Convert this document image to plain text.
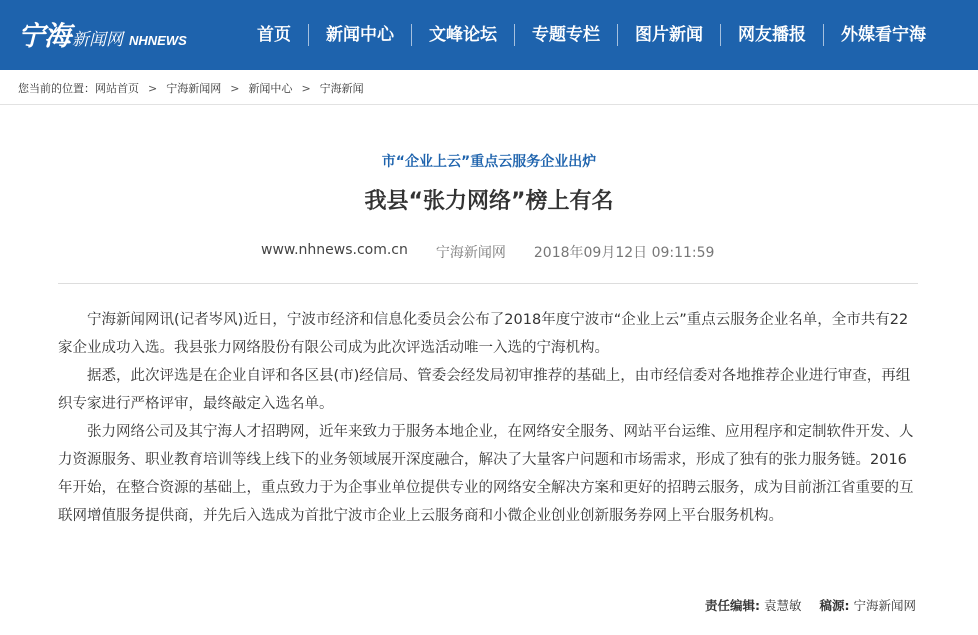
宁海 新闻网 NHNEWS	首页	新闻中心	文峰论坛	专题专栏	图片新闻	网友播报	外媒看宁海
您当前的位置： 网站首页 > 宁海新闻网 > 新闻中心 > 宁海新闻
市“企业上云”重点云服务企业出炉
我县“张力网络”榜上有名
www.nhnews.com.cn 宁海新闻网 2018年09月12日 09:11:59

宁海新闻网讯(记者岑风)近日，宁波市经济和信息化委员会公布了2018年度宁波市“企业上云”重点云服务企业名单，全市共有22家企业成功入选。我县张力网络股份有限公司成为此次评选活动唯一入选的宁海机构。

据悉，此次评选是在企业自评和各区县(市)经信局、管委会经发局初审推荐的基础上，由市经信委对各地推荐企业进行审查，再组织专家进行严格评审，最终敲定入选名单。

张力网络公司及其宁海人才招聘网，近年来致力于服务本地企业，在网络安全服务、网站平台运维、应用程序和定制软件开发、人力资源服务、职业教育培训等线上线下的业务领域展开深度融合，解决了大量客户问题和市场需求，形成了独有的张力服务链。2016年开始，在整合资源的基础上，重点致力于为企事业单位提供专业的网络安全解决方案和更好的招聘云服务，成为目前浙江省重要的互联网增值服务提供商，并先后入选成为首批宁波市企业上云服务商和小微企业创业创新服务券网上平台服务机构。

责任编辑: 袁慧敏 稿源: 宁海新闻网
